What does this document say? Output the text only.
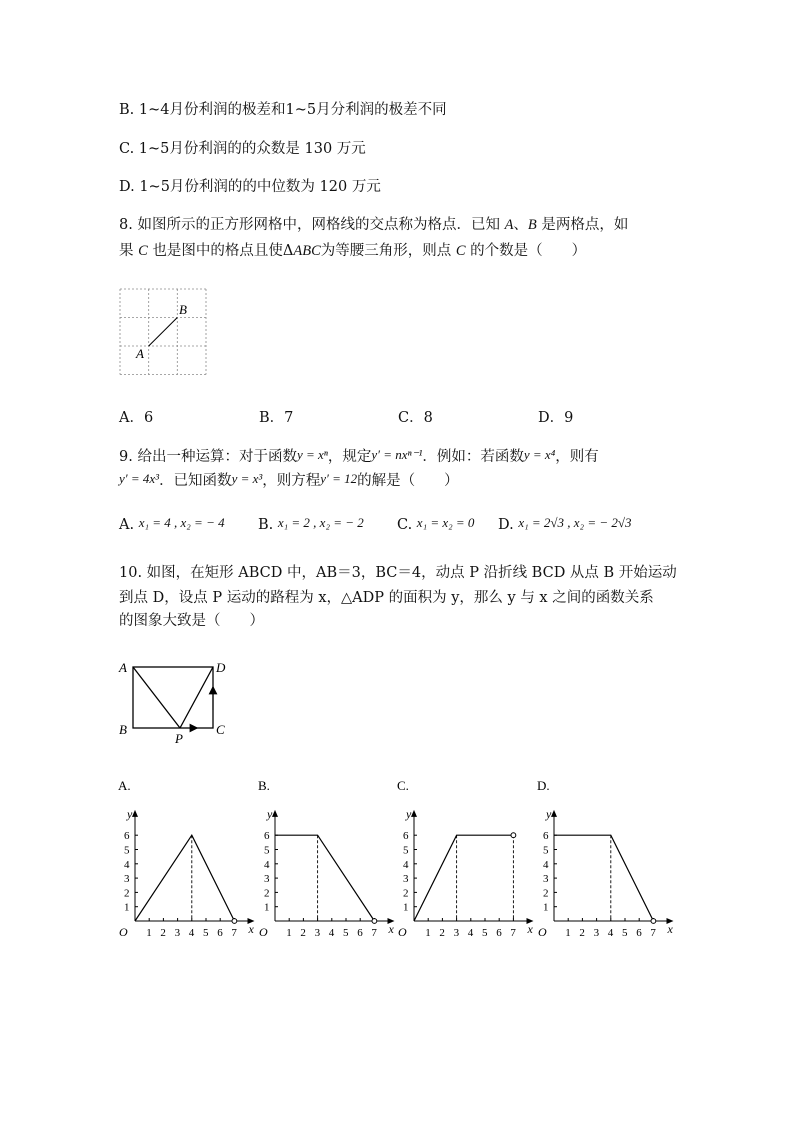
B. 1~4月份利润的极差和1~5月分利润的极差不同
C. 1~5月份利润的的众数是 130 万元
D. 1~5月份利润的的中位数为 120 万元
8. 如图所示的正方形网格中，网格线的交点称为格点．已知 A、B 是两格点，如
果 C 也是图中的格点且使ΔABC为等腰三角形，则点 C 的个数是（　　）
A
B
A．6	B．7	C．8	D．9
9. 给出一种运算：对于函数y = xⁿ，规定y′ = nxⁿ⁻¹．例如：若函数y = x⁴，则有
y′ = 4x³．已知函数y = x³，则方程y′ = 12的解是（　　）
A. x₁ = 4 , x₂ = − 4 B. x₁ = 2 , x₂ = − 2 C. x₁ = x₂ = 0 D. x₁ = 2√3 , x₂ = − 2√3
10. 如图，在矩形 ABCD 中，AB＝3，BC＝4，动点 P 沿折线 BCD 从点 B 开始运动
到点 D，设点 P 运动的路程为 x，△ADP 的面积为 y，那么 y 与 x 之间的函数关系
的图象大致是（　　）
A	D
B	C
P
A.
y
x
O 1 2 3 4 5 6 7
1
2
3
4
5
6
B.
y
x
O 1 2 3 4 5 6 7
1
2
3
4
5
6
C.
y
x
O 1 2 3 4 5 6 7
1
2
3
4
5
6
D.
y
x
O 1 2 3 4 5 6 7
1
2
3
4
5
6
